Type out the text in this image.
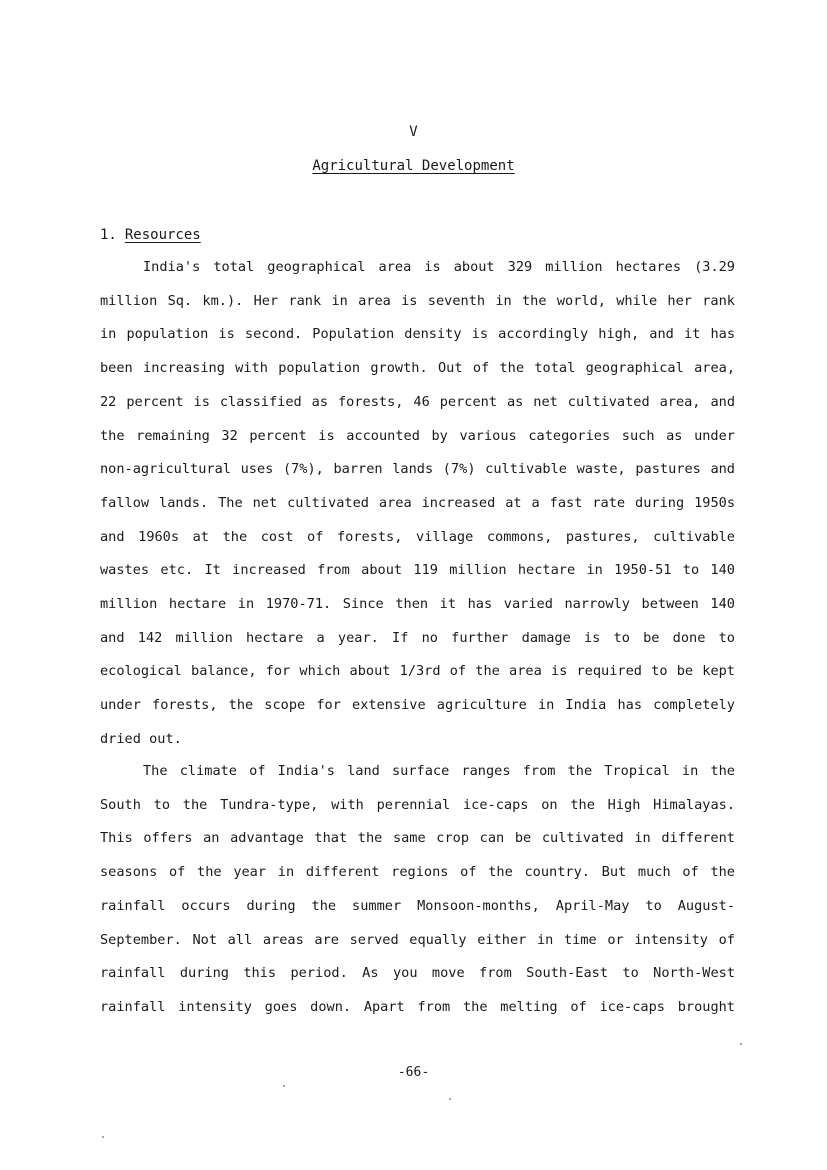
V
Agricultural Development
1. Resources
India's total geographical area is about 329 million hectares (3.29
million Sq. km.). Her rank in area is seventh in the world, while her rank
in population is second. Population density is accordingly high, and it has
been increasing with population growth. Out of the total geographical area,
22 percent is classified as forests, 46 percent as net cultivated area, and
the remaining 32 percent is accounted by various categories such as under
non-agricultural uses (7%), barren lands (7%) cultivable waste, pastures and
fallow lands. The net cultivated area increased at a fast rate during 1950s
and 1960s at the cost of forests, village commons, pastures, cultivable
wastes etc. It increased from about 119 million hectare in 1950-51 to 140
million hectare in 1970-71. Since then it has varied narrowly between 140
and 142 million hectare a year. If no further damage is to be done to
ecological balance, for which about 1/3rd of the area is required to be kept
under forests, the scope for extensive agriculture in India has completely
dried out.
The climate of India's land surface ranges from the Tropical in the
South to the Tundra-type, with perennial ice-caps on the High Himalayas.
This offers an advantage that the same crop can be cultivated in different
seasons of the year in different regions of the country. But much of the
rainfall occurs during the summer Monsoon-months, April-May to August-
September. Not all areas are served equally either in time or intensity of
rainfall during this period. As you move from South-East to North-West
rainfall intensity goes down. Apart from the melting of ice-caps brought
-66-
